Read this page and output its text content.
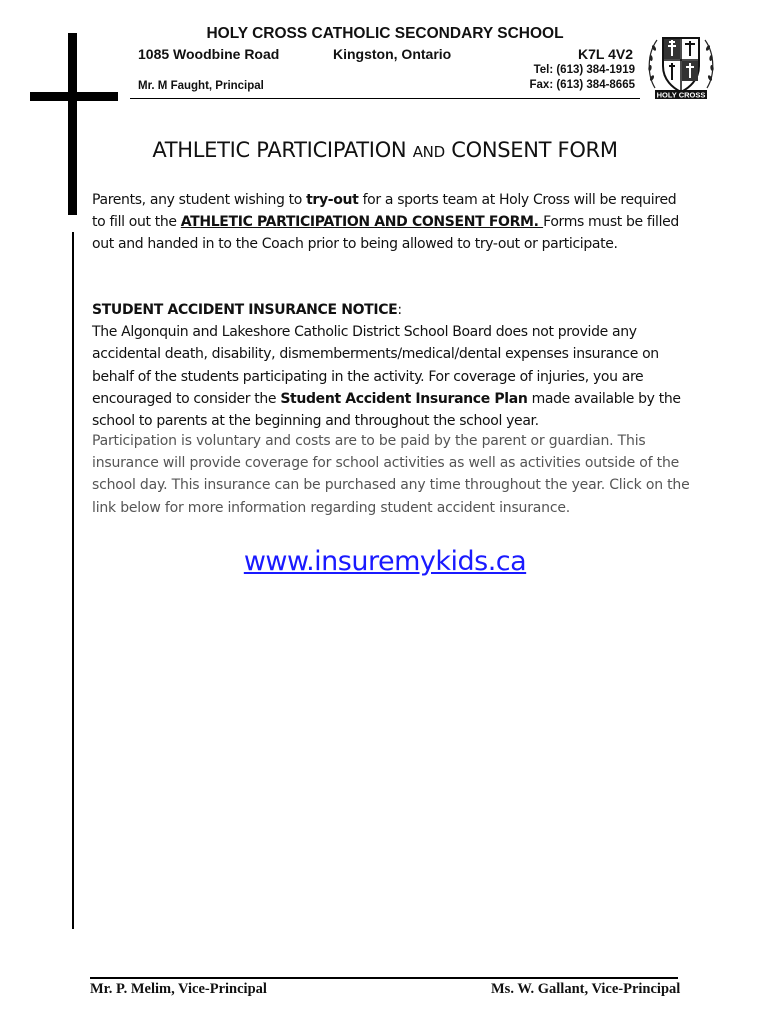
HOLY CROSS CATHOLIC SECONDARY SCHOOL
1085 Woodbine Road	Kingston, Ontario	K7L 4V2
Tel: (613) 384-1919
Fax: (613) 384-8665
Mr. M Faught, Principal
HOLY CROSS
ATHLETIC PARTICIPATION AND CONSENT FORM
Parents, any student wishing to try-out for a sports team at Holy Cross will be required to fill out the ATHLETIC PARTICIPATION AND CONSENT FORM. Forms must be filled out and handed in to the Coach prior to being allowed to try-out or participate.
STUDENT ACCIDENT INSURANCE NOTICE:
The Algonquin and Lakeshore Catholic District School Board does not provide any accidental death, disability, dismemberments/medical/dental expenses insurance on behalf of the students participating in the activity. For coverage of injuries, you are encouraged to consider the Student Accident Insurance Plan made available by the school to parents at the beginning and throughout the school year.
Participation is voluntary and costs are to be paid by the parent or guardian. This insurance will provide coverage for school activities as well as activities outside of the school day. This insurance can be purchased any time throughout the year. Click on the link below for more information regarding student accident insurance.
www.insuremykids.ca
Mr. P. Melim, Vice-Principal	Ms. W. Gallant, Vice-Principal
